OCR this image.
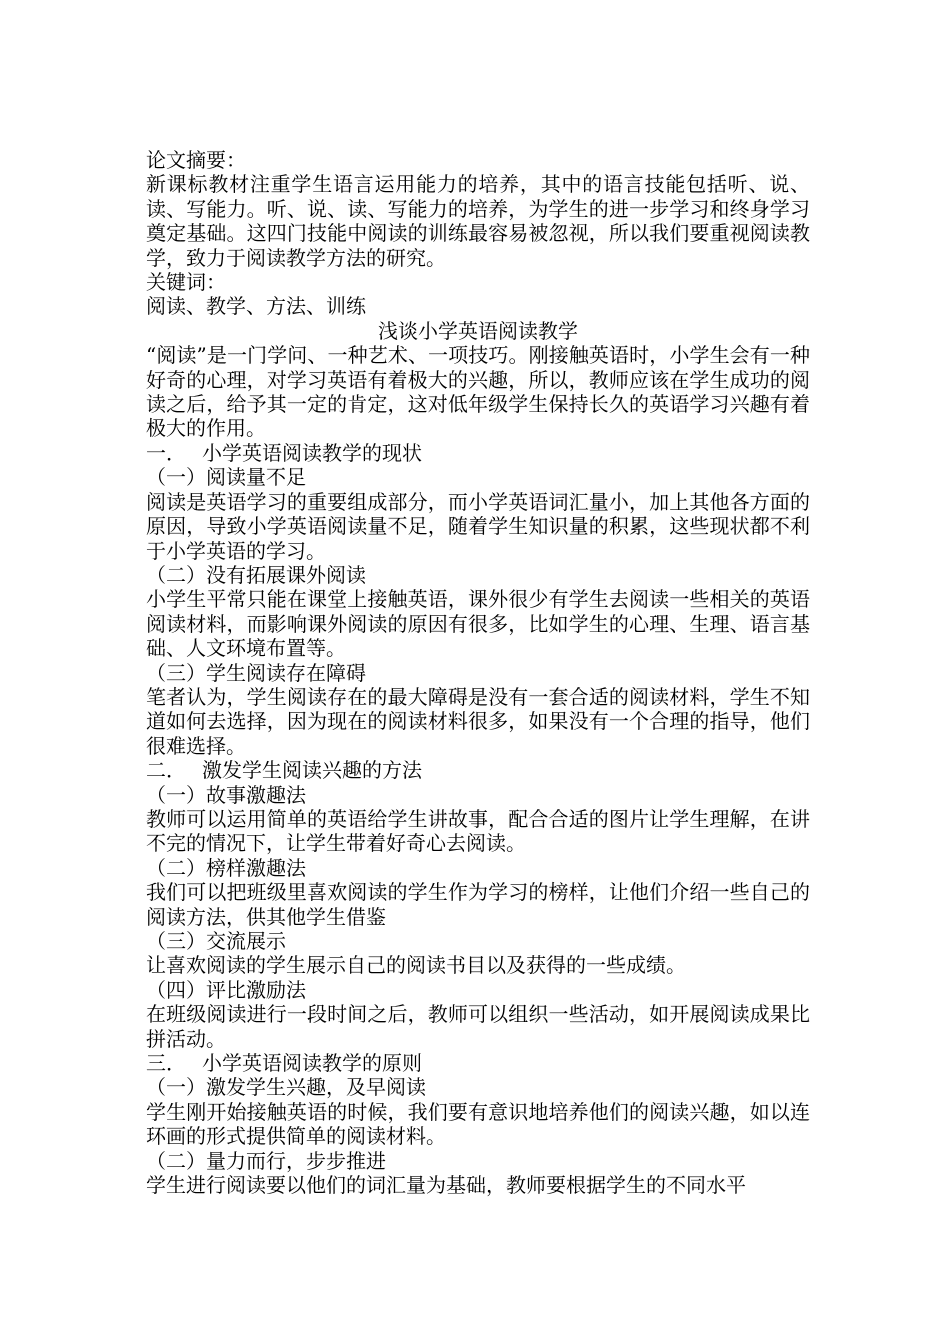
论文摘要：
新课标教材注重学生语言运用能力的培养，其中的语言技能包括听、说、读、写能力。听、说、读、写能力的培养，为学生的进一步学习和终身学习奠定基础。这四门技能中阅读的训练最容易被忽视，所以我们要重视阅读教学，致力于阅读教学方法的研究。
关键词：
阅读、教学、方法、训练
浅谈小学英语阅读教学
“阅读”是一门学问、一种艺术、一项技巧。刚接触英语时，小学生会有一种好奇的心理，对学习英语有着极大的兴趣，所以，教师应该在学生成功的阅读之后，给予其一定的肯定，这对低年级学生保持长久的英语学习兴趣有着极大的作用。
一． 小学英语阅读教学的现状
（一）阅读量不足
阅读是英语学习的重要组成部分，而小学英语词汇量小，加上其他各方面的原因，导致小学英语阅读量不足，随着学生知识量的积累，这些现状都不利于小学英语的学习。
（二）没有拓展课外阅读
小学生平常只能在课堂上接触英语，课外很少有学生去阅读一些相关的英语阅读材料，而影响课外阅读的原因有很多，比如学生的心理、生理、语言基础、人文环境布置等。
（三）学生阅读存在障碍
笔者认为，学生阅读存在的最大障碍是没有一套合适的阅读材料，学生不知道如何去选择，因为现在的阅读材料很多，如果没有一个合理的指导，他们很难选择。
二． 激发学生阅读兴趣的方法
（一）故事激趣法
教师可以运用简单的英语给学生讲故事，配合合适的图片让学生理解，在讲不完的情况下，让学生带着好奇心去阅读。
（二）榜样激趣法
我们可以把班级里喜欢阅读的学生作为学习的榜样，让他们介绍一些自己的阅读方法，供其他学生借鉴
（三）交流展示
让喜欢阅读的学生展示自己的阅读书目以及获得的一些成绩。
（四）评比激励法
在班级阅读进行一段时间之后，教师可以组织一些活动，如开展阅读成果比拼活动。
三． 小学英语阅读教学的原则
（一）激发学生兴趣，及早阅读
学生刚开始接触英语的时候，我们要有意识地培养他们的阅读兴趣，如以连环画的形式提供简单的阅读材料。
（二）量力而行，步步推进
学生进行阅读要以他们的词汇量为基础，教师要根据学生的不同水平
